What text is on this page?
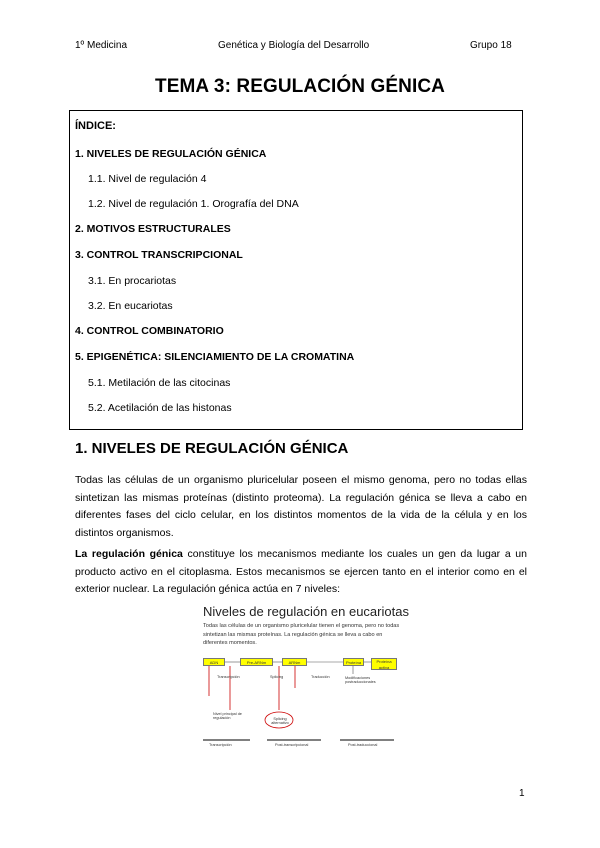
1º Medicina	Genética y Biología del Desarrollo	Grupo 18
TEMA 3: REGULACIÓN GÉNICA
ÍNDICE:
1. NIVELES DE REGULACIÓN GÉNICA
1.1. Nivel de regulación 4
1.2. Nivel de regulación 1. Orografía del DNA
2. MOTIVOS ESTRUCTURALES
3. CONTROL TRANSCRIPCIONAL
3.1. En procariotas
3.2. En eucariotas
4. CONTROL COMBINATORIO
5. EPIGENÉTICA: SILENCIAMIENTO DE LA CROMATINA
5.1. Metilación de las citocinas
5.2. Acetilación de las histonas
1. NIVELES DE REGULACIÓN GÉNICA
Todas las células de un organismo pluricelular poseen el mismo genoma, pero no todas ellas sintetizan las mismas proteínas (distinto proteoma). La regulación génica se lleva a cabo en diferentes fases del ciclo celular, en los distintos momentos de la vida de la célula y en los distintos organismos.
La regulación génica constituye los mecanismos mediante los cuales un gen da lugar a un producto activo en el citoplasma. Estos mecanismos se ejercen tanto en el interior como en el exterior nuclear. La regulación génica actúa en 7 niveles:
Niveles de regulación en eucariotas
Todas las células de un organismo pluricelular tienen el genoma, pero no todas sintetizan las mismas proteínas. La regulación génica se lleva a cabo en diferentes momentos.
ADN	Pre-ARNm	ARNm	Proteína	Proteína activa
Transcripción	Splicing	Traducción	Modificaciones postraduccionales
Nivel principal de regulación	Splicing alternativo
Transcripción	Post-transcripcional	Post-traduccional
1
